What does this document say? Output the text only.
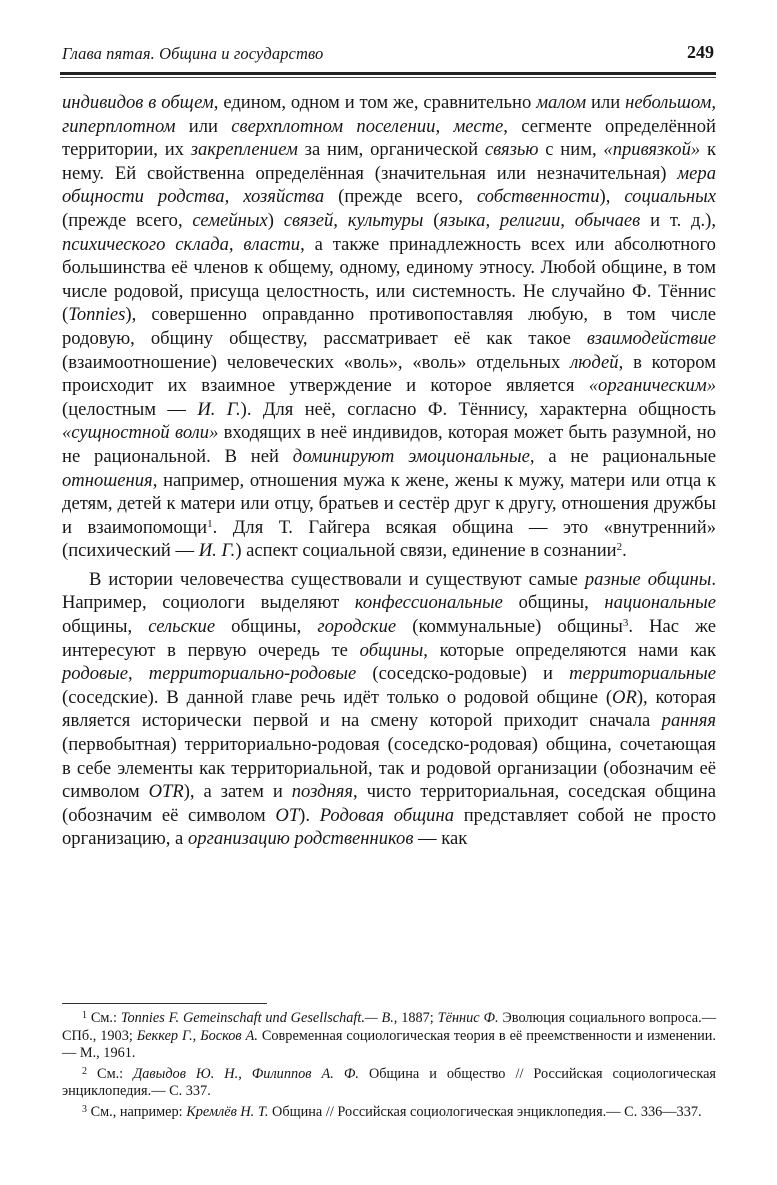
Глава пятая. Община и государство	249

индивидов в общем, едином, одном и том же, сравнительно малом или небольшом, гиперплотном или сверхплотном поселении, месте, сегменте определённой территории, их закреплением за ним, органической связью с ним, «привязкой» к нему. Ей свойственна определённая (значительная или незначительная) мера общности родства, хозяйства (прежде всего, собственности), социальных (прежде всего, семейных) связей, культуры (языка, религии, обычаев и т. д.), психического склада, власти, а также принадлежность всех или абсолютного большинства её членов к общему, одному, единому этносу. Любой общине, в том числе родовой, присуща целостность, или системность. Не случайно Ф. Тённис (Tonnies), совершенно оправданно противопоставляя любую, в том числе родовую, общину обществу, рассматривает её как такое взаимодействие (взаимоотношение) человеческих «воль», «воль» отдельных людей, в котором происходит их взаимное утверждение и которое является «органическим» (целостным — И. Г.). Для неё, согласно Ф. Тённису, характерна общность «сущностной воли» входящих в неё индивидов, которая может быть разумной, но не рациональной. В ней доминируют эмоциональные, а не рациональные отношения, например, отношения мужа к жене, жены к мужу, матери или отца к детям, детей к матери или отцу, братьев и сестёр друг к другу, отношения дружбы и взаимопомощи$^1$. Для Т. Гайгера всякая община — это «внутренний» (психический — И. Г.) аспект социальной связи, единение в сознании$^2$.

В истории человечества существовали и существуют самые разные общины. Например, социологи выделяют конфессиональные общины, национальные общины, сельские общины, городские (коммунальные) общины$^3$. Нас же интересуют в первую очередь те общины, которые определяются нами как родовые, территориально-родовые (соседско-родовые) и территориальные (соседские). В данной главе речь идёт только о родовой общине (OR), которая является исторически первой и на смену которой приходит сначала ранняя (первобытная) территориально-родовая (соседско-родовая) община, сочетающая в себе элементы как территориальной, так и родовой организации (обозначим её символом OTR), а затем и поздняя, чисто территориальная, соседская община (обозначим её символом OT). Родовая община представляет собой не просто организацию, а организацию родственников — как

$^1$ См.: Tonnies F. Gemeinschaft und Gesellschaft.— B., 1887; Тённис Ф. Эволюция социального вопроса.— СПб., 1903; Беккер Г., Босков А. Современная социологическая теория в её преемственности и изменении.— М., 1961.

$^2$ См.: Давыдов Ю. Н., Филиппов А. Ф. Община и общество // Российская социологическая энциклопедия.— С. 337.

$^3$ См., например: Кремлёв Н. Т. Община // Российская социологическая энциклопедия.— С. 336—337.
